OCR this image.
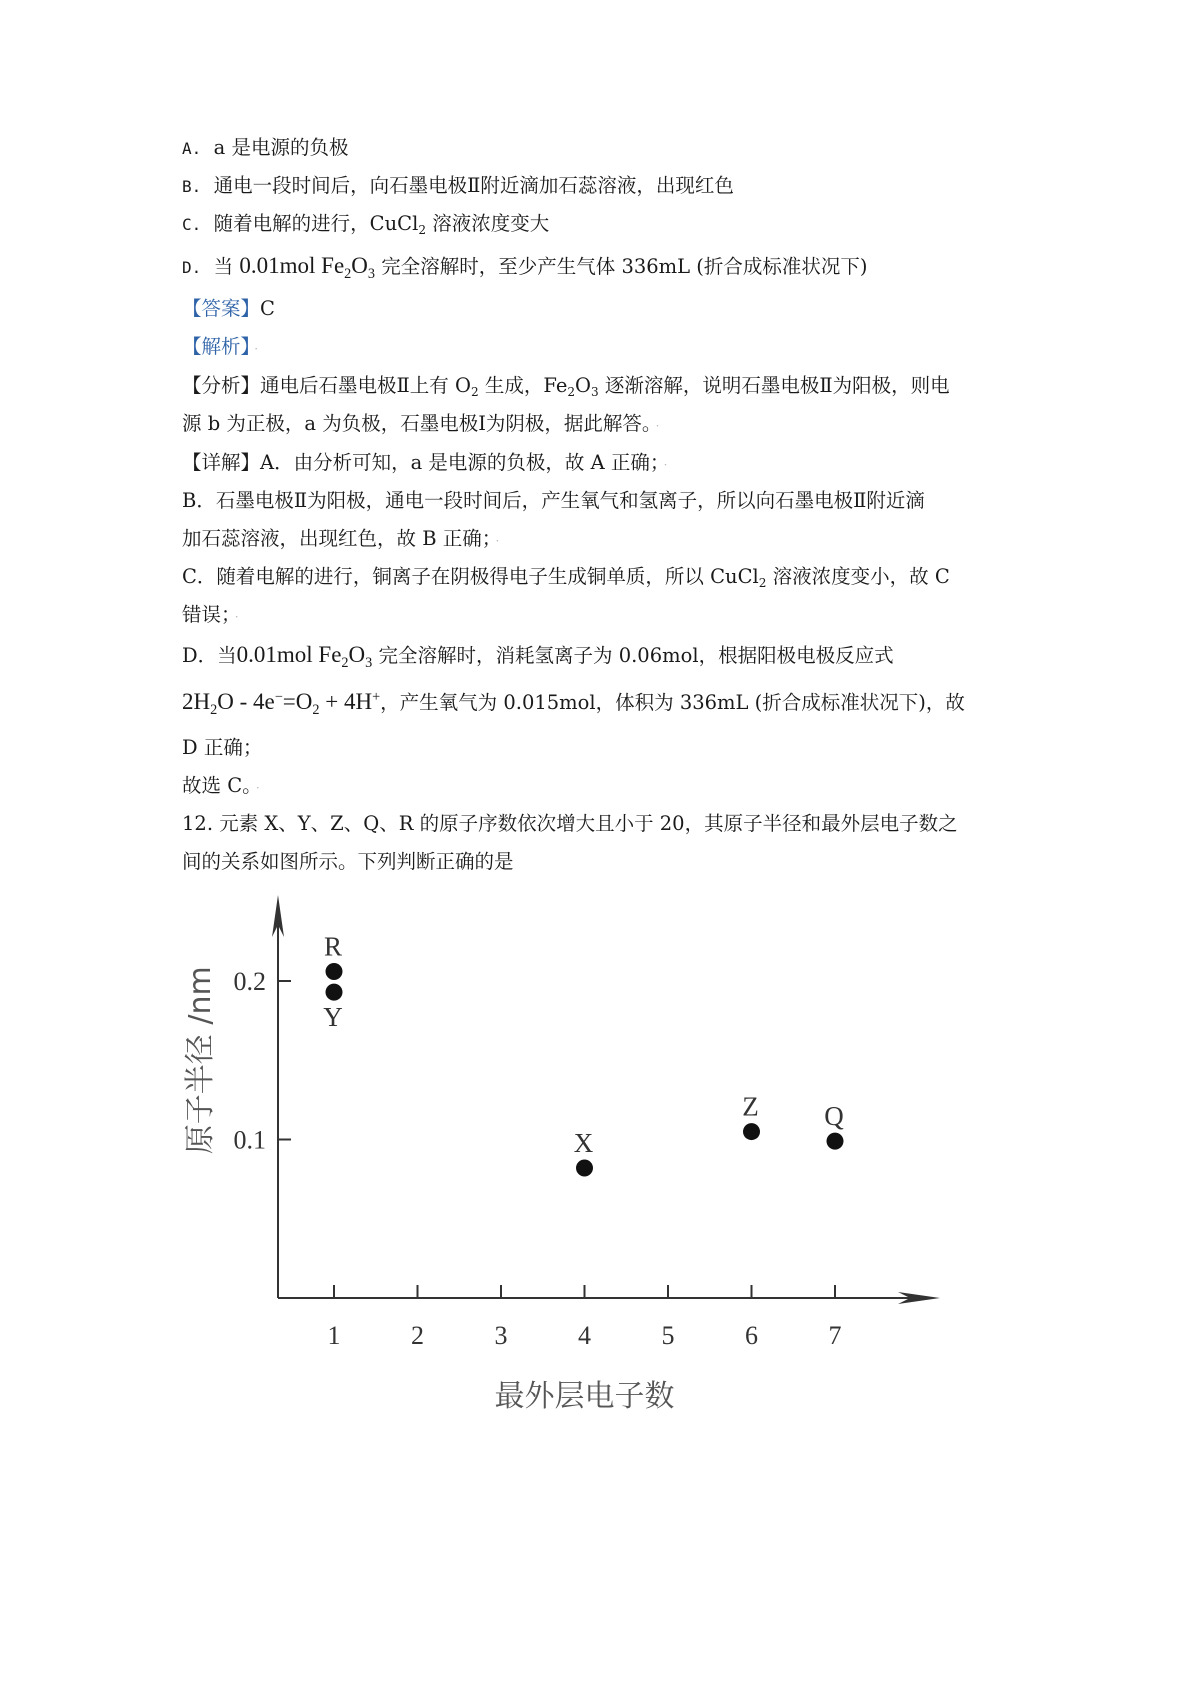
A. a 是电源的负极
B. 通电一段时间后，向石墨电极Ⅱ附近滴加石蕊溶液，出现红色
C. 随着电解的进行，CuCl$_2$ 溶液浓度变大
D. 当 0.01mol $Fe_2O_3$ 完全溶解时，至少产生气体 336mL (折合成标准状况下)
【答案】C
【解析】 ·
【分析】通电后石墨电极Ⅱ上有 $O_2$ 生成，$Fe_2O_3$ 逐渐溶解，说明石墨电极Ⅱ为阳极，则电
源 b 为正极，a 为负极，石墨电极Ⅰ为阴极，据此解答。 ·
【详解】A．由分析可知，a 是电源的负极，故 A 正确； ·
B．石墨电极Ⅱ为阳极，通电一段时间后，产生氧气和氢离子，所以向石墨电极Ⅱ附近滴
加石蕊溶液，出现红色，故 B 正确； ·
C．随着电解的进行，铜离子在阴极得电子生成铜单质，所以 CuCl$_2$ 溶液浓度变小，故 C
错误； ·
D．当0.01mol $Fe_2O_3$ 完全溶解时，消耗氢离子为 0.06mol，根据阳极电极反应式
$2H_2O - 4e^-=O_2 + 4H^+$，产生氧气为 0.015mol，体积为 336mL (折合成标准状况下)，故
D 正确；
故选 C。 ·
12. 元素 X、Y、Z、Q、R 的原子序数依次增大且小于 20，其原子半径和最外层电子数之
间的关系如图所示。下列判断正确的是
1	2	3	4	5	6	7
0.1
0.2
最外层电子数
原子半径 /nm
R
Y
X
Z Q
